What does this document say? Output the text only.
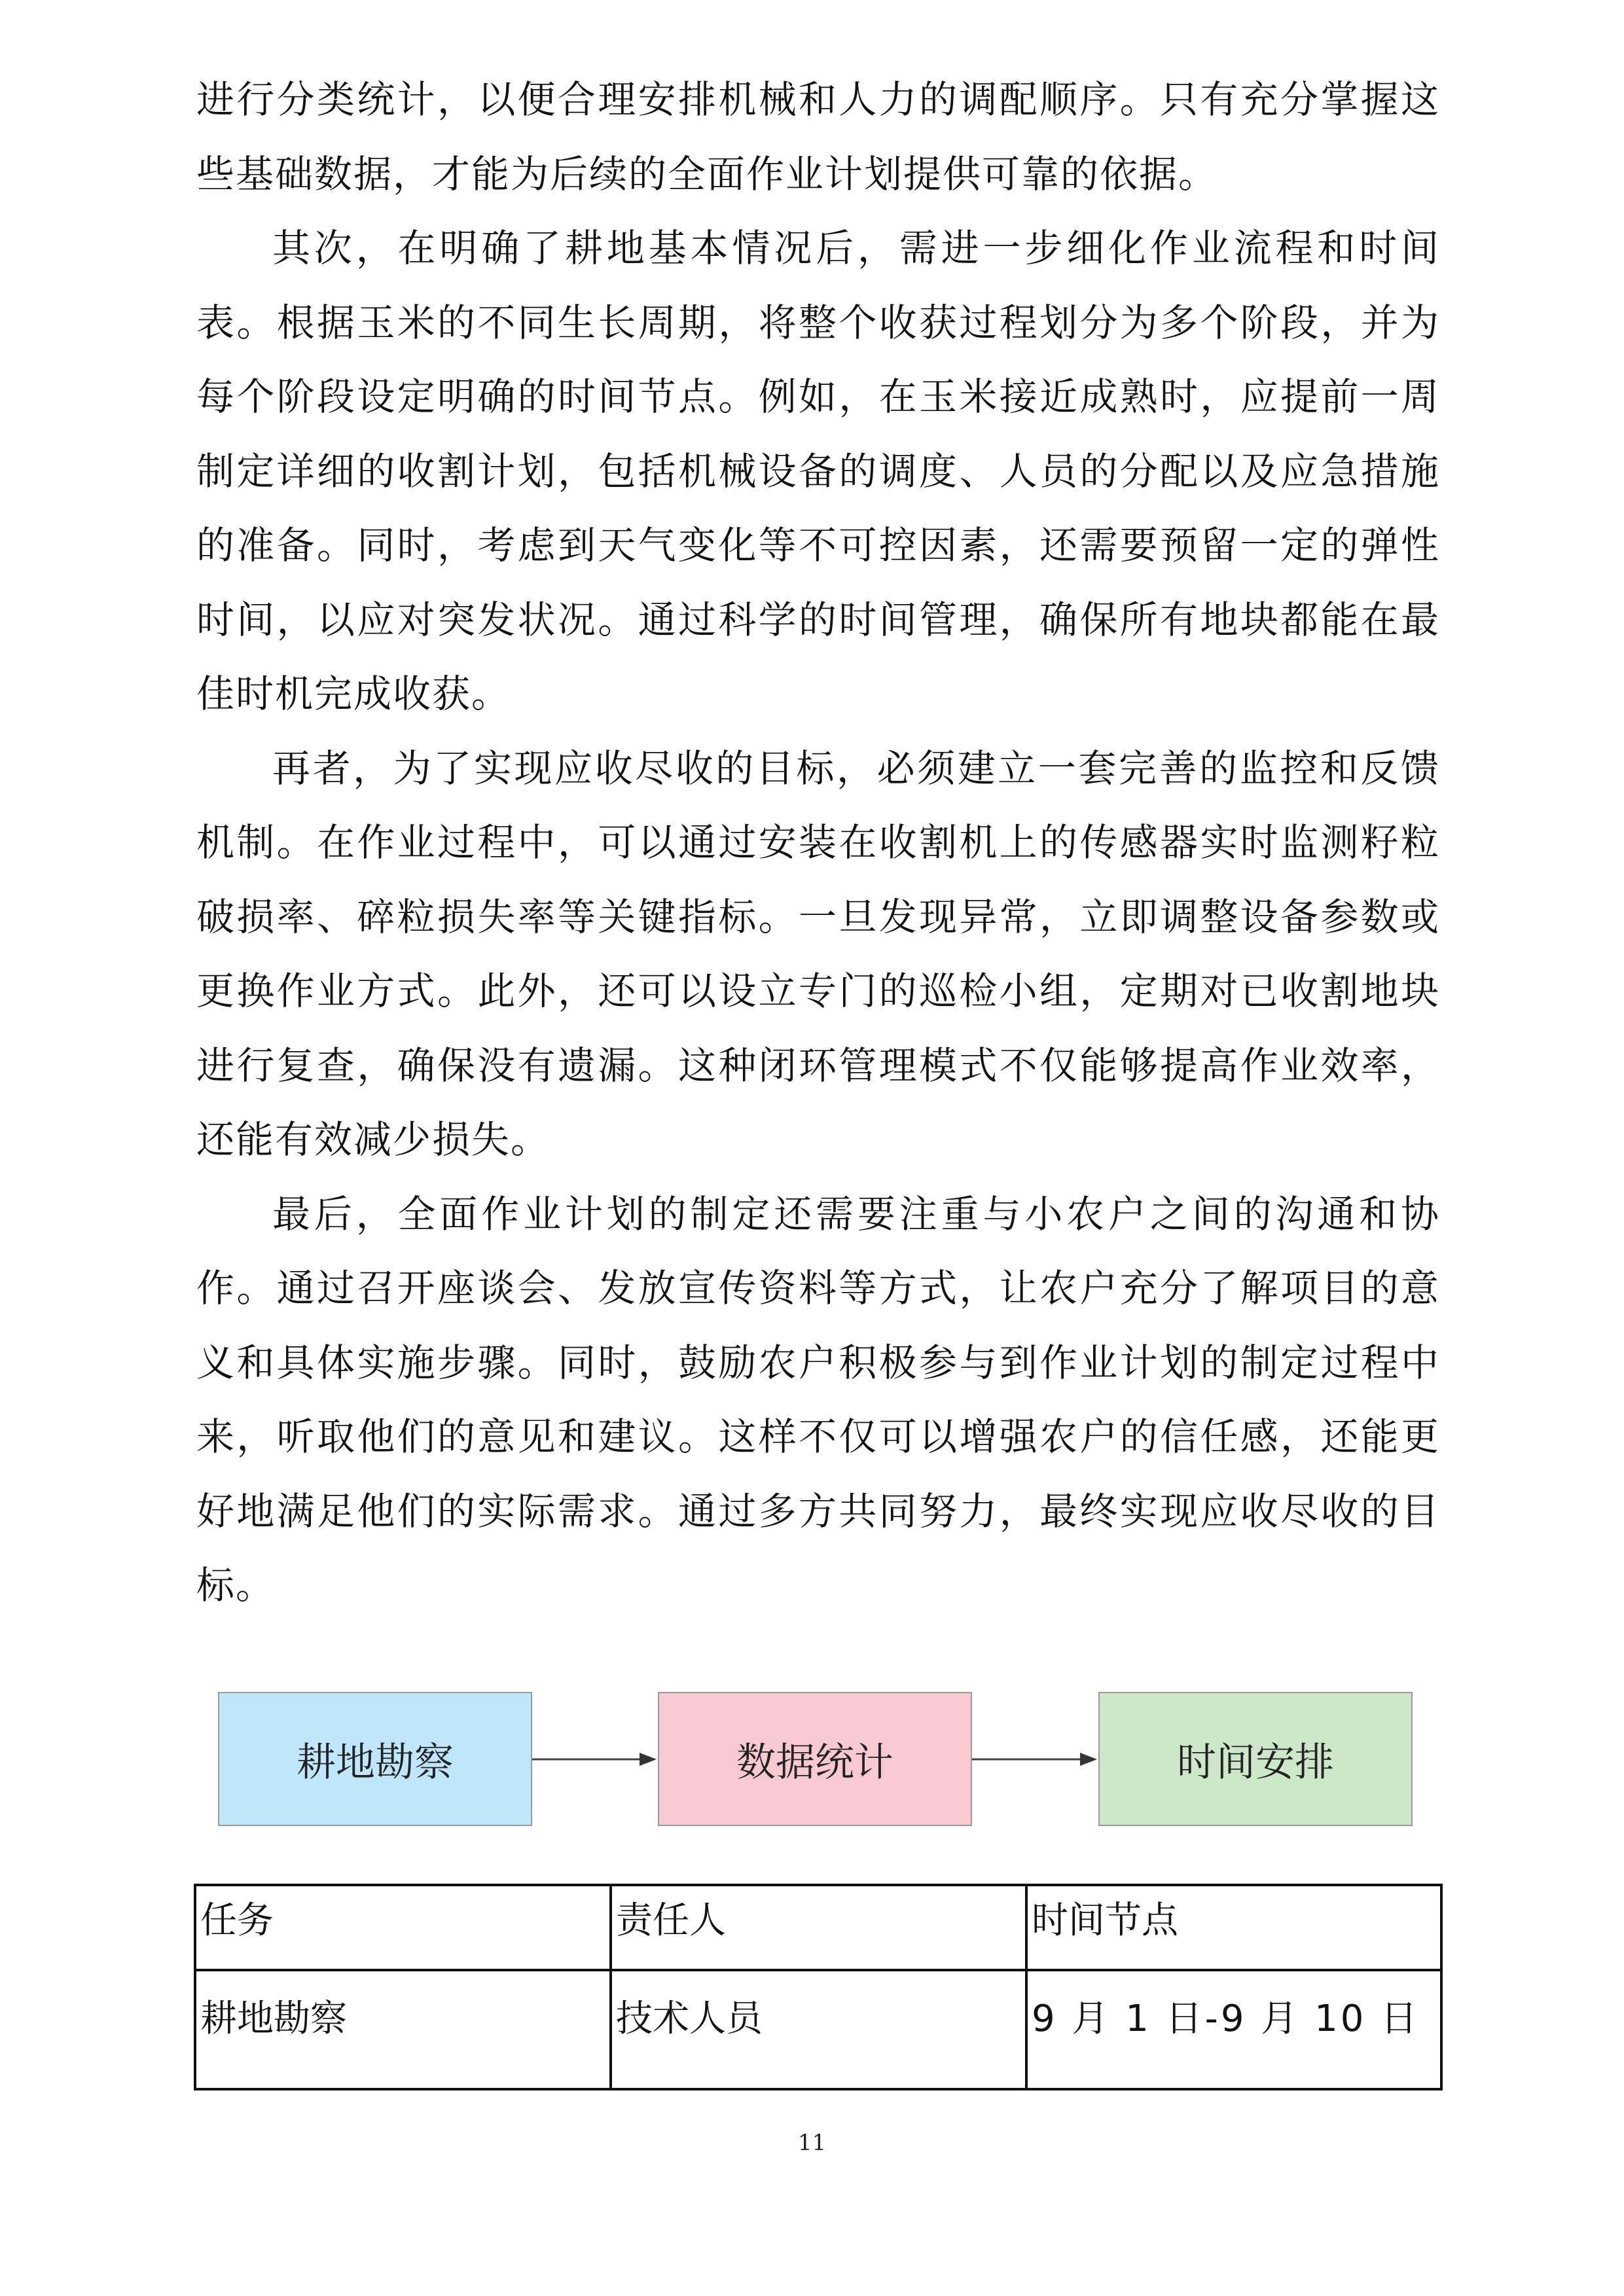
进行分类统计，以便合理安排机械和人力的调配顺序。只有充分掌握这些基础数据，才能为后续的全面作业计划提供可靠的依据。

其次，在明确了耕地基本情况后，需进一步细化作业流程和时间表。根据玉米的不同生长周期，将整个收获过程划分为多个阶段，并为每个阶段设定明确的时间节点。例如，在玉米接近成熟时，应提前一周制定详细的收割计划，包括机械设备的调度、人员的分配以及应急措施的准备。同时，考虑到天气变化等不可控因素，还需要预留一定的弹性时间，以应对突发状况。通过科学的时间管理，确保所有地块都能在最佳时机完成收获。

再者，为了实现应收尽收的目标，必须建立一套完善的监控和反馈机制。在作业过程中，可以通过安装在收割机上的传感器实时监测籽粒破损率、碎粒损失率等关键指标。一旦发现异常，立即调整设备参数或更换作业方式。此外，还可以设立专门的巡检小组，定期对已收割地块进行复查，确保没有遗漏。这种闭环管理模式不仅能够提高作业效率，还能有效减少损失。

最后，全面作业计划的制定还需要注重与小农户之间的沟通和协作。通过召开座谈会、发放宣传资料等方式，让农户充分了解项目的意义和具体实施步骤。同时，鼓励农户积极参与到作业计划的制定过程中来，听取他们的意见和建议。这样不仅可以增强农户的信任感，还能更好地满足他们的实际需求。通过多方共同努力，最终实现应收尽收的目标。

耕地勘察	数据统计	时间安排
任务	责任人	时间节点
耕地勘察	技术人员	9 月 1 日-9 月 10 日
11
